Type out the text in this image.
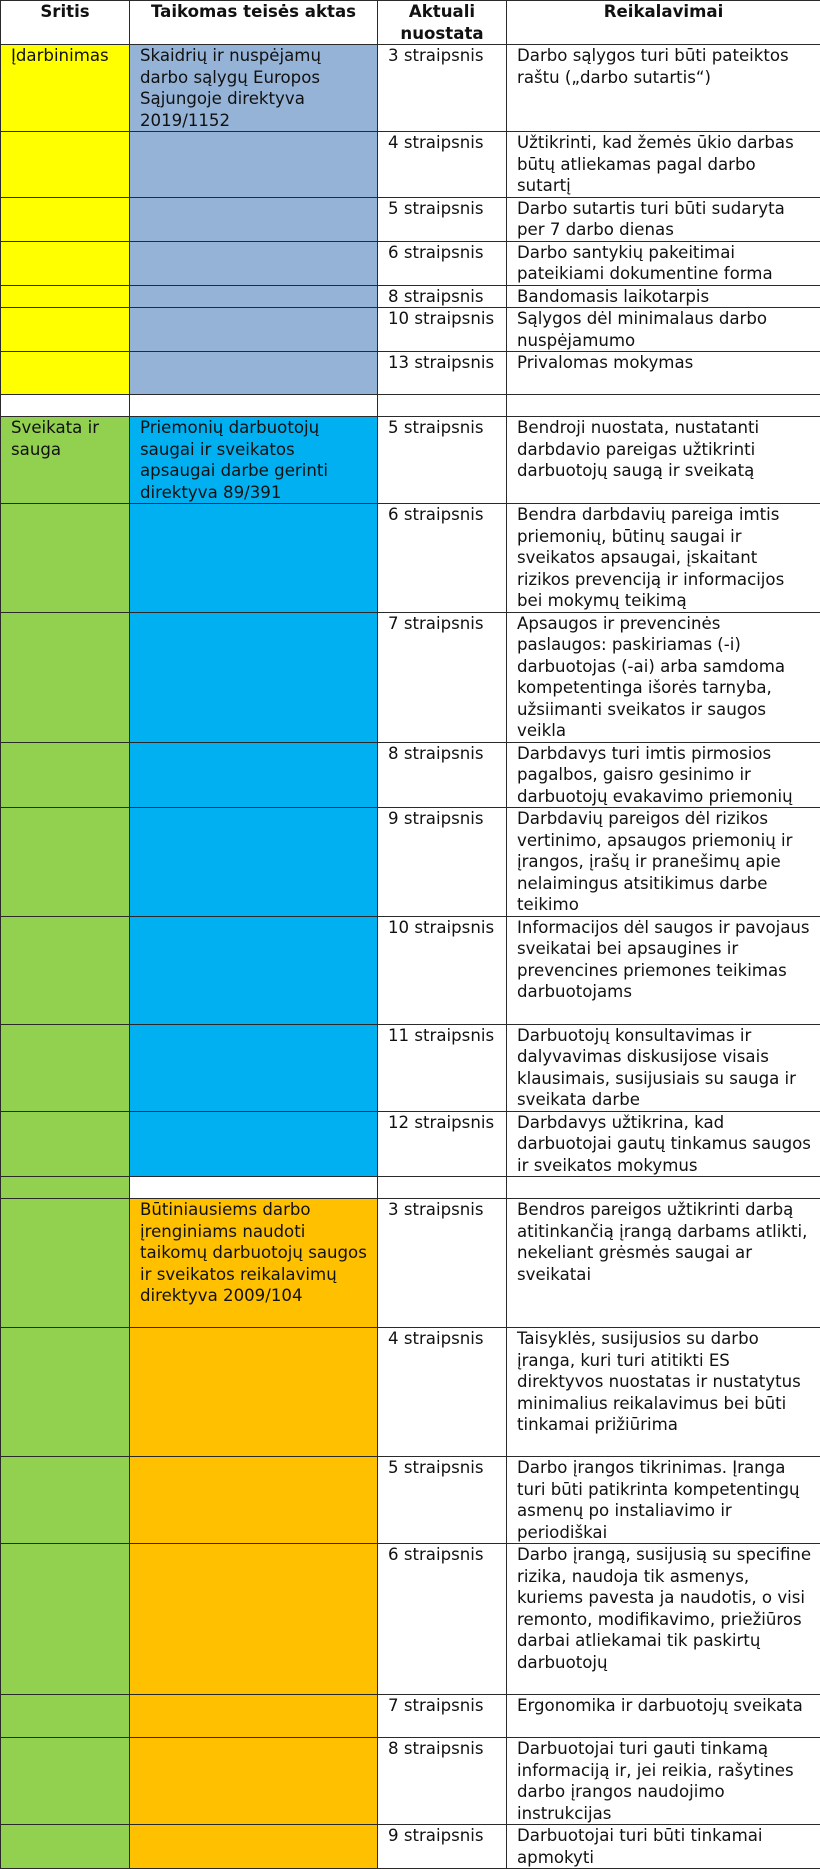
Sritis	Taikomas teisės aktas	Aktuali nuostata	Reikalavimai
Įdarbinimas	Skaidrių ir nuspėjamų darbo sąlygų Europos Sąjungoje direktyva 2019/1152	3 straipsnis	Darbo sąlygos turi būti pateiktos raštu („darbo sutartis“)
		4 straipsnis	Užtikrinti, kad žemės ūkio darbas būtų atliekamas pagal darbo sutartį
		5 straipsnis	Darbo sutartis turi būti sudaryta per 7 darbo dienas
		6 straipsnis	Darbo santykių pakeitimai pateikiami dokumentine forma
		8 straipsnis	Bandomasis laikotarpis
		10 straipsnis	Sąlygos dėl minimalaus darbo nuspėjamumo
		13 straipsnis	Privalomas mokymas

Sveikata ir sauga	Priemonių darbuotojų saugai ir sveikatos apsaugai darbe gerinti direktyva 89/391	5 straipsnis	Bendroji nuostata, nustatanti darbdavio pareigas užtikrinti darbuotojų saugą ir sveikatą
		6 straipsnis	Bendra darbdavių pareiga imtis priemonių, būtinų saugai ir sveikatos apsaugai, įskaitant rizikos prevenciją ir informacijos bei mokymų teikimą
		7 straipsnis	Apsaugos ir prevencinės paslaugos: paskiriamas (-i) darbuotojas (-ai) arba samdoma kompetentinga išorės tarnyba, užsiimanti sveikatos ir saugos veikla
		8 straipsnis	Darbdavys turi imtis pirmosios pagalbos, gaisro gesinimo ir darbuotojų evakavimo priemonių
		9 straipsnis	Darbdavių pareigos dėl rizikos vertinimo, apsaugos priemonių ir įrangos, įrašų ir pranešimų apie nelaimingus atsitikimus darbe teikimo
		10 straipsnis	Informacijos dėl saugos ir pavojaus sveikatai bei apsaugines ir prevencines priemones teikimas darbuotojams
		11 straipsnis	Darbuotojų konsultavimas ir dalyvavimas diskusijose visais klausimais, susijusiais su sauga ir sveikata darbe
		12 straipsnis	Darbdavys užtikrina, kad darbuotojai gautų tinkamus saugos ir sveikatos mokymus

	Būtiniausiems darbo įrenginiams naudoti taikomų darbuotojų saugos ir sveikatos reikalavimų direktyva 2009/104	3 straipsnis	Bendros pareigos užtikrinti darbą atitinkančią įrangą darbams atlikti, nekeliant grėsmės saugai ar sveikatai
		4 straipsnis	Taisyklės, susijusios su darbo įranga, kuri turi atitikti ES direktyvos nuostatas ir nustatytus minimalius reikalavimus bei būti tinkamai prižiūrima
		5 straipsnis	Darbo įrangos tikrinimas. Įranga turi būti patikrinta kompetentingų asmenų po instaliavimo ir periodiškai
		6 straipsnis	Darbo įrangą, susijusią su specifine rizika, naudoja tik asmenys, kuriems pavesta ja naudotis, o visi remonto, modifikavimo, priežiūros darbai atliekamai tik paskirtų darbuotojų
		7 straipsnis	Ergonomika ir darbuotojų sveikata
		8 straipsnis	Darbuotojai turi gauti tinkamą informaciją ir, jei reikia, rašytines darbo įrangos naudojimo instrukcijas
		9 straipsnis	Darbuotojai turi būti tinkamai apmokyti
